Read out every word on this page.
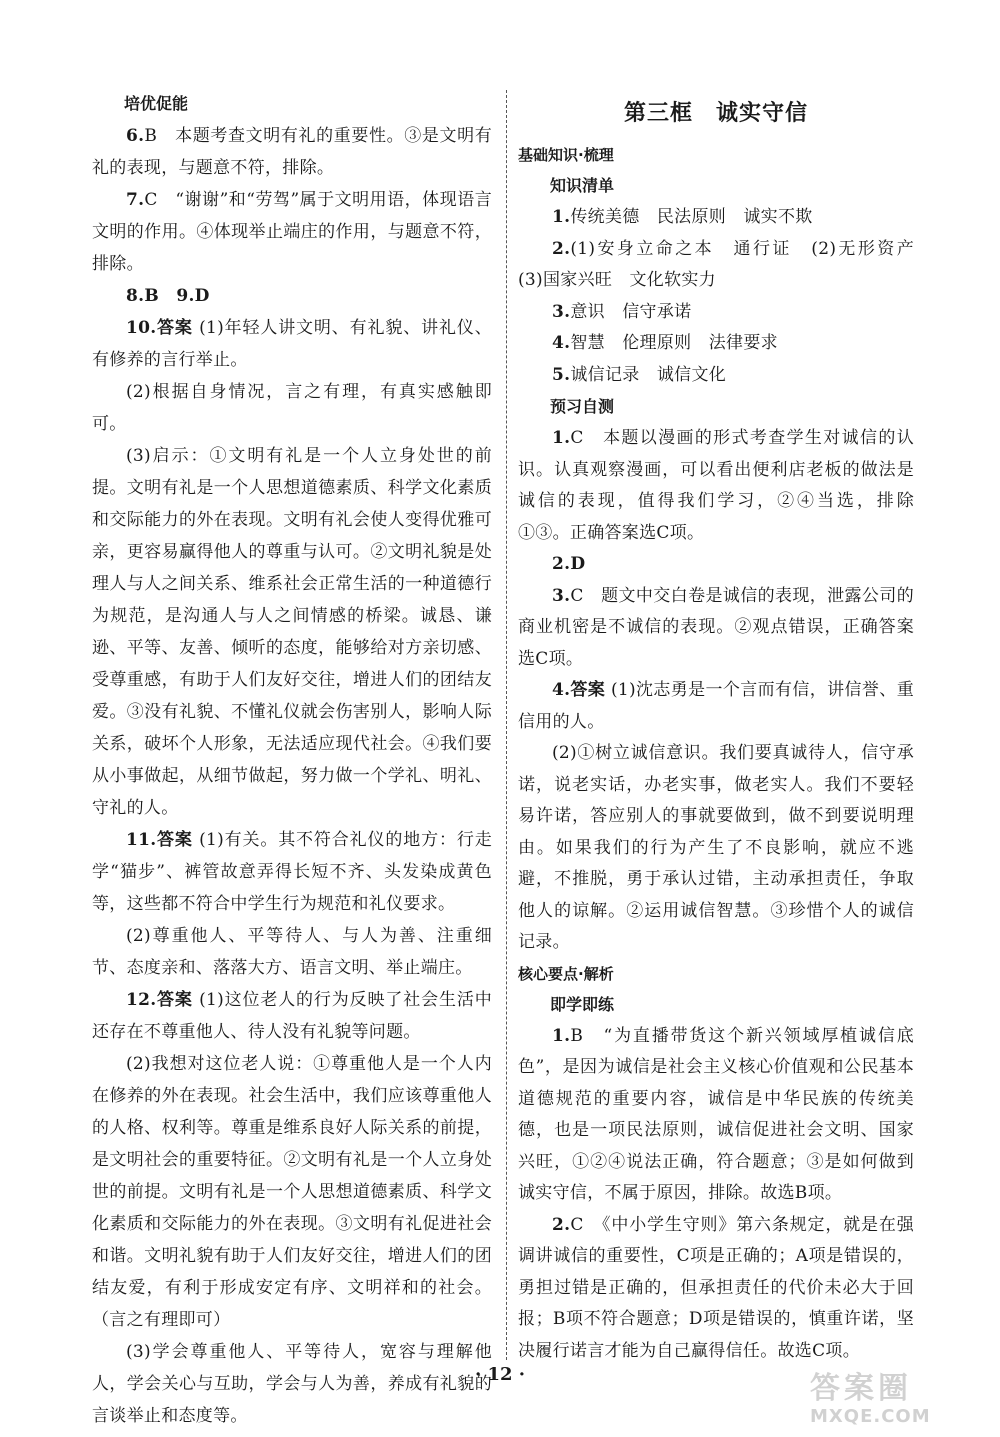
培优促能

6.B　本题考查文明有礼的重要性。③是文明有礼的表现，与题意不符，排除。

7.C　“谢谢”和“劳驾”属于文明用语，体现语言文明的作用。④体现举止端庄的作用，与题意不符，排除。

8.B　9.D

10.答案 (1)年轻人讲文明、有礼貌、讲礼仪、有修养的言行举止。

(2)根据自身情况，言之有理，有真实感触即可。

(3)启示：①文明有礼是一个人立身处世的前提。文明有礼是一个人思想道德素质、科学文化素质和交际能力的外在表现。文明有礼会使人变得优雅可亲，更容易赢得他人的尊重与认可。②文明礼貌是处理人与人之间关系、维系社会正常生活的一种道德行为规范，是沟通人与人之间情感的桥梁。诚恳、谦逊、平等、友善、倾听的态度，能够给对方亲切感、受尊重感，有助于人们友好交往，增进人们的团结友爱。③没有礼貌、不懂礼仪就会伤害别人，影响人际关系，破坏个人形象，无法适应现代社会。④我们要从小事做起，从细节做起，努力做一个学礼、明礼、守礼的人。

11.答案 (1)有关。其不符合礼仪的地方：行走学“猫步”、裤管故意弄得长短不齐、头发染成黄色等，这些都不符合中学生行为规范和礼仪要求。

(2)尊重他人、平等待人、与人为善、注重细节、态度亲和、落落大方、语言文明、举止端庄。

12.答案 (1)这位老人的行为反映了社会生活中还存在不尊重他人、待人没有礼貌等问题。

(2)我想对这位老人说：①尊重他人是一个人内在修养的外在表现。社会生活中，我们应该尊重他人的人格、权利等。尊重是维系良好人际关系的前提，是文明社会的重要特征。②文明有礼是一个人立身处世的前提。文明有礼是一个人思想道德素质、科学文化素质和交际能力的外在表现。③文明有礼促进社会和谐。文明礼貌有助于人们友好交往，增进人们的团结友爱，有利于形成安定有序、文明祥和的社会。（言之有理即可）

(3)学会尊重他人、平等待人，宽容与理解他人，学会关心与互助，学会与人为善，养成有礼貌的言谈举止和态度等。

第三框　诚实守信
基础知识·梳理
知识清单

1.传统美德　民法原则　诚实不欺

2.(1)安身立命之本　通行证　(2)无形资产　(3)国家兴旺　文化软实力

3.意识　信守承诺

4.智慧　伦理原则　法律要求

5.诚信记录　诚信文化

预习自测

1.C　本题以漫画的形式考查学生对诚信的认识。认真观察漫画，可以看出便利店老板的做法是诚信的表现，值得我们学习，②④当选，排除①③。正确答案选C项。

2.D

3.C　题文中交白卷是诚信的表现，泄露公司的商业机密是不诚信的表现。②观点错误，正确答案选C项。

4.答案 (1)沈志勇是一个言而有信，讲信誉、重信用的人。

(2)①树立诚信意识。我们要真诚待人，信守承诺，说老实话，办老实事，做老实人。我们不要轻易许诺，答应别人的事就要做到，做不到要说明理由。如果我们的行为产生了不良影响，就应不逃避，不推脱，勇于承认过错，主动承担责任，争取他人的谅解。②运用诚信智慧。③珍惜个人的诚信记录。

核心要点·解析
即学即练

1.B　“为直播带货这个新兴领域厚植诚信底色”，是因为诚信是社会主义核心价值观和公民基本道德规范的重要内容，诚信是中华民族的传统美德，也是一项民法原则，诚信促进社会文明、国家兴旺，①②④说法正确，符合题意；③是如何做到诚实守信，不属于原因，排除。故选B项。

2.C　《中小学生守则》第六条规定，就是在强调讲诚信的重要性，C项是正确的；A项是错误的，勇担过错是正确的，但承担责任的代价未必大于回报；B项不符合题意；D项是错误的，慎重许诺，坚决履行诺言才能为自己赢得信任。故选C项。

· 12 ·	答案圈
MXQE.COM
